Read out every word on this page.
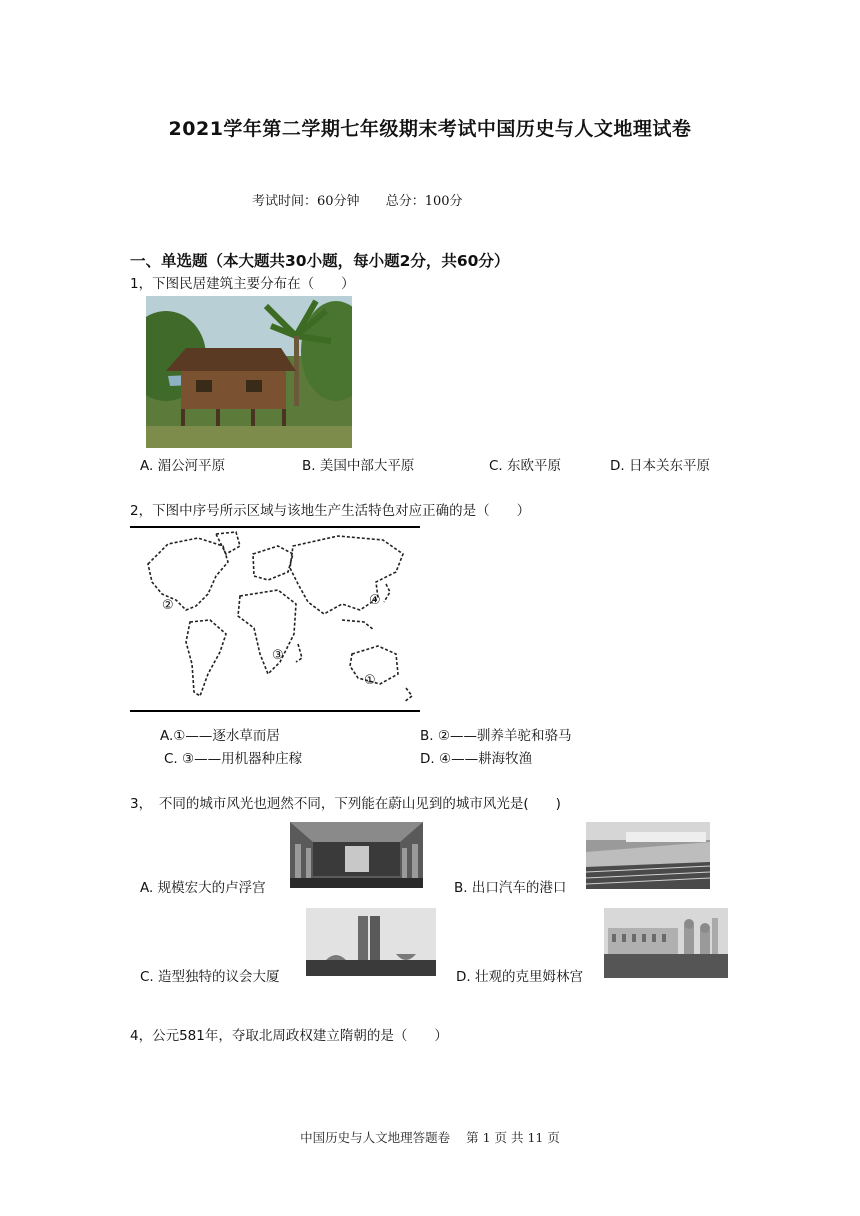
2021学年第二学期七年级期末考试中国历史与人文地理试卷
考试时间：60分钟 总分：100分
一、单选题（本大题共30小题，每小题2分，共60分）
1，下图民居建筑主要分布在（　　）
A. 湄公河平原	B. 美国中部大平原	C. 东欧平原	D. 日本关东平原
2，下图中序号所示区域与该地生产生活特色对应正确的是（　　）
①
②
③
④
A.①——逐水草而居	B. ②——驯养羊驼和骆马
C. ③——用机器种庄稼	D. ④——耕海牧渔
3，　不同的城市风光也迥然不同，下列能在蔚山见到的城市风光是(　　)
A. 规模宏大的卢浮宫	B. 出口汽车的港口
C. 造型独特的议会大厦	D. 壮观的克里姆林宫
4，公元581年，夺取北周政权建立隋朝的是（　　）
中国历史与人文地理答题卷 第 1 页 共 11 页
